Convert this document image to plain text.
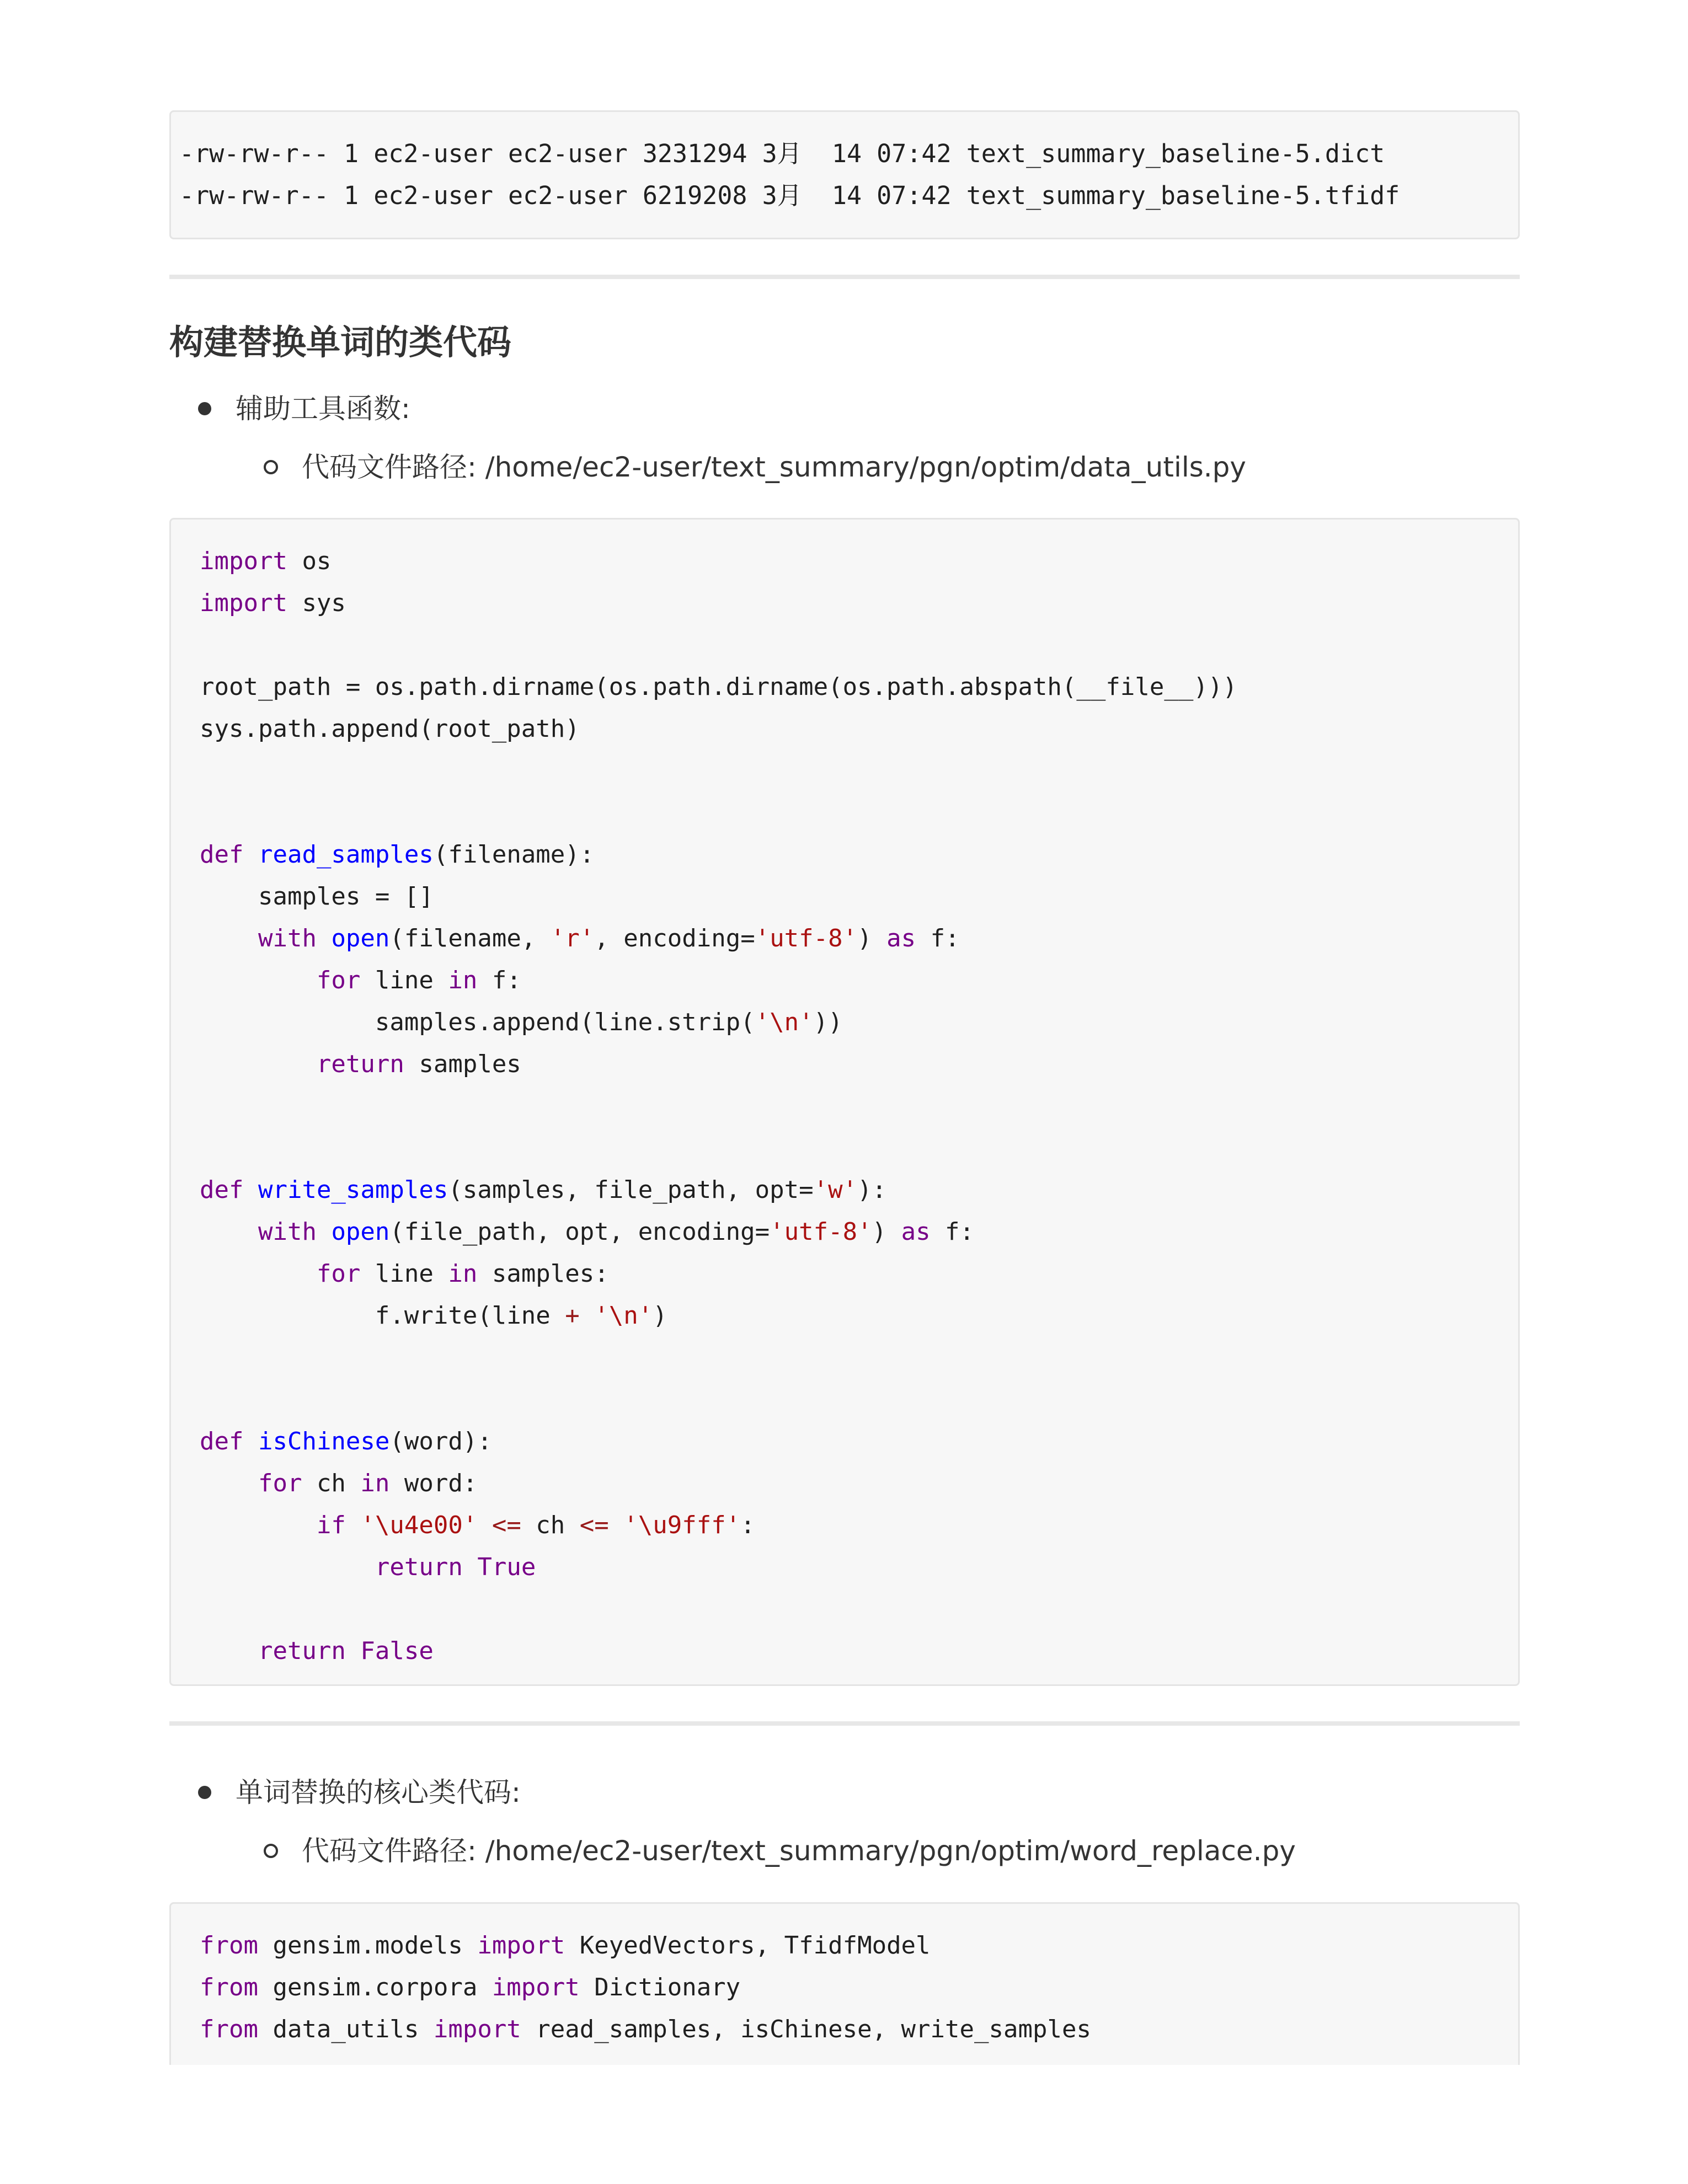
-rw-rw-r-- 1 ec2-user ec2-user 3231294 3月  14 07:42 text_summary_baseline-5.dict
-rw-rw-r-- 1 ec2-user ec2-user 6219208 3月  14 07:42 text_summary_baseline-5.tfidf
构建替换单词的类代码
辅助工具函数:
代码文件路径: /home/ec2-user/text_summary/pgn/optim/data_utils.py
import os
import sys

root_path = os.path.dirname(os.path.dirname(os.path.abspath(__file__)))
sys.path.append(root_path)

def read_samples(filename):
samples = []
with open(filename, 'r', encoding='utf-8') as f:
for line in f:
samples.append(line.strip('\n'))
return samples

def write_samples(samples, file_path, opt='w'):
with open(file_path, opt, encoding='utf-8') as f:
for line in samples:
f.write(line + '\n')

def isChinese(word):
for ch in word:
if '\u4e00' <= ch <= '\u9fff':
return True

return False
单词替换的核心类代码:
代码文件路径: /home/ec2-user/text_summary/pgn/optim/word_replace.py
from gensim.models import KeyedVectors, TfidfModel
from gensim.corpora import Dictionary
from data_utils import read_samples, isChinese, write_samples
